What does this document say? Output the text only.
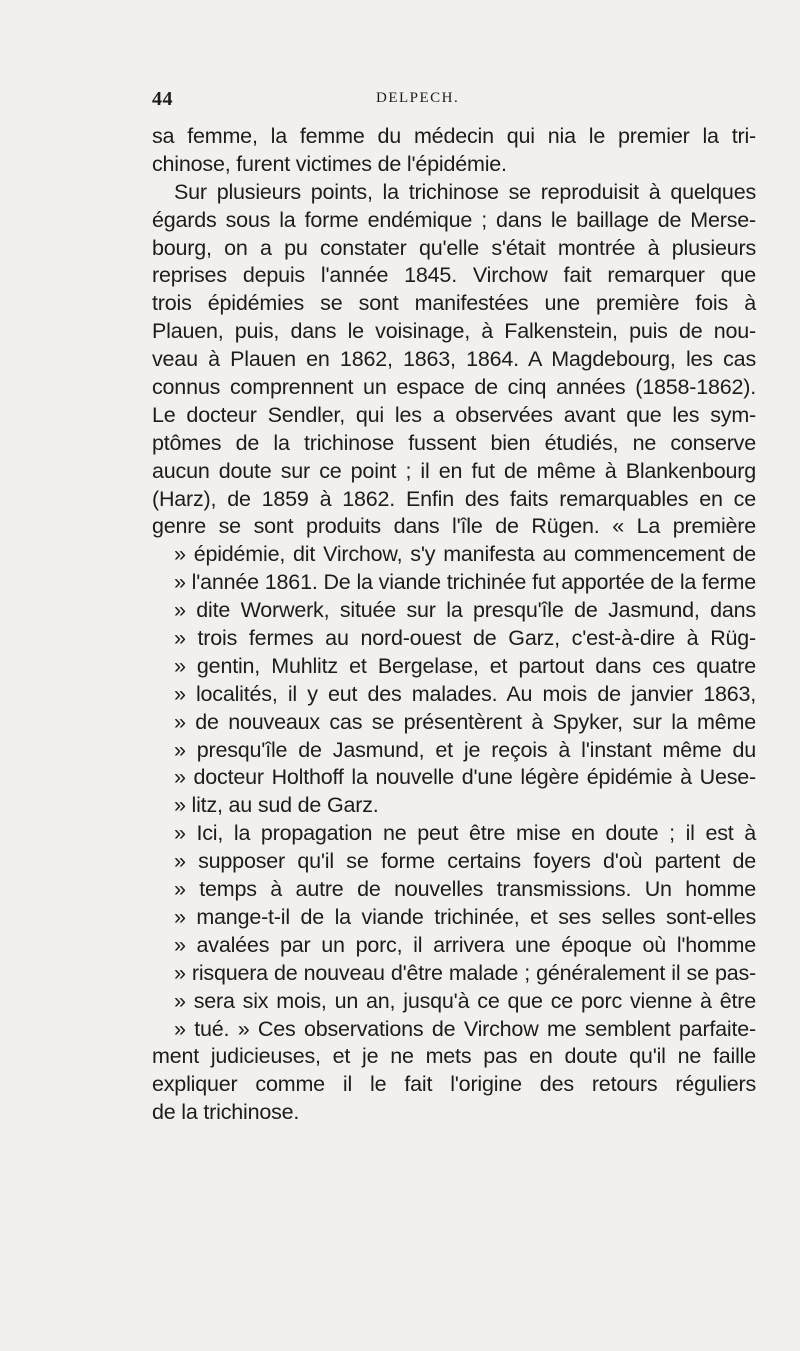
44	DELPECH.
sa femme, la femme du médecin qui nia le premier la tri-
chinose, furent victimes de l'épidémie.
Sur plusieurs points, la trichinose se reproduisit à quelques
égards sous la forme endémique ; dans le baillage de Merse-
bourg, on a pu constater qu'elle s'était montrée à plusieurs
reprises depuis l'année 1845. Virchow fait remarquer que
trois épidémies se sont manifestées une première fois à
Plauen, puis, dans le voisinage, à Falkenstein, puis de nou-
veau à Plauen en 1862, 1863, 1864. A Magdebourg, les cas
connus comprennent un espace de cinq années (1858-1862).
Le docteur Sendler, qui les a observées avant que les sym-
ptômes de la trichinose fussent bien étudiés, ne conserve
aucun doute sur ce point ; il en fut de même à Blankenbourg
(Harz), de 1859 à 1862. Enfin des faits remarquables en ce
genre se sont produits dans l'île de Rügen. « La première
» épidémie, dit Virchow, s'y manifesta au commencement de
» l'année 1861. De la viande trichinée fut apportée de la ferme
» dite Worwerk, située sur la presqu'île de Jasmund, dans
» trois fermes au nord-ouest de Garz, c'est-à-dire à Rüg-
» gentin, Muhlitz et Bergelase, et partout dans ces quatre
» localités, il y eut des malades. Au mois de janvier 1863,
» de nouveaux cas se présentèrent à Spyker, sur la même
» presqu'île de Jasmund, et je reçois à l'instant même du
» docteur Holthoff la nouvelle d'une légère épidémie à Uese-
» litz, au sud de Garz.
» Ici, la propagation ne peut être mise en doute ; il est à
» supposer qu'il se forme certains foyers d'où partent de
» temps à autre de nouvelles transmissions. Un homme
» mange-t-il de la viande trichinée, et ses selles sont-elles
» avalées par un porc, il arrivera une époque où l'homme
» risquera de nouveau d'être malade ; généralement il se pas-
» sera six mois, un an, jusqu'à ce que ce porc vienne à être
» tué. » Ces observations de Virchow me semblent parfaite-
ment judicieuses, et je ne mets pas en doute qu'il ne faille
expliquer comme il le fait l'origine des retours réguliers
de la trichinose.
